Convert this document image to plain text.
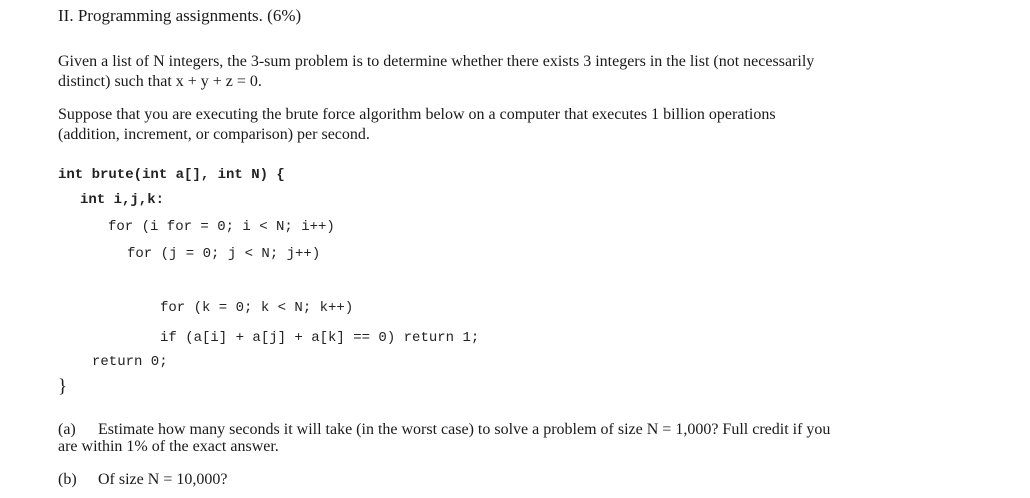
II. Programming assignments. (6%)
Given a list of N integers, the 3-sum problem is to determine whether there exists 3 integers in the list (not necessarily
distinct) such that x + y + z = 0.
Suppose that you are executing the brute force algorithm below on a computer that executes 1 billion operations
(addition, increment, or comparison) per second.
int brute(int a[], int N) {
int i,j,k:
for (i for = 0; i < N; i++)
for (j = 0; j < N; j++)
for (k = 0; k < N; k++)
if (a[i] + a[j] + a[k] == 0) return 1;
return 0;
}
(a) Estimate how many seconds it will take (in the worst case) to solve a problem of size N = 1,000? Full credit if you
are within 1% of the exact answer.
(b) Of size N = 10,000?
